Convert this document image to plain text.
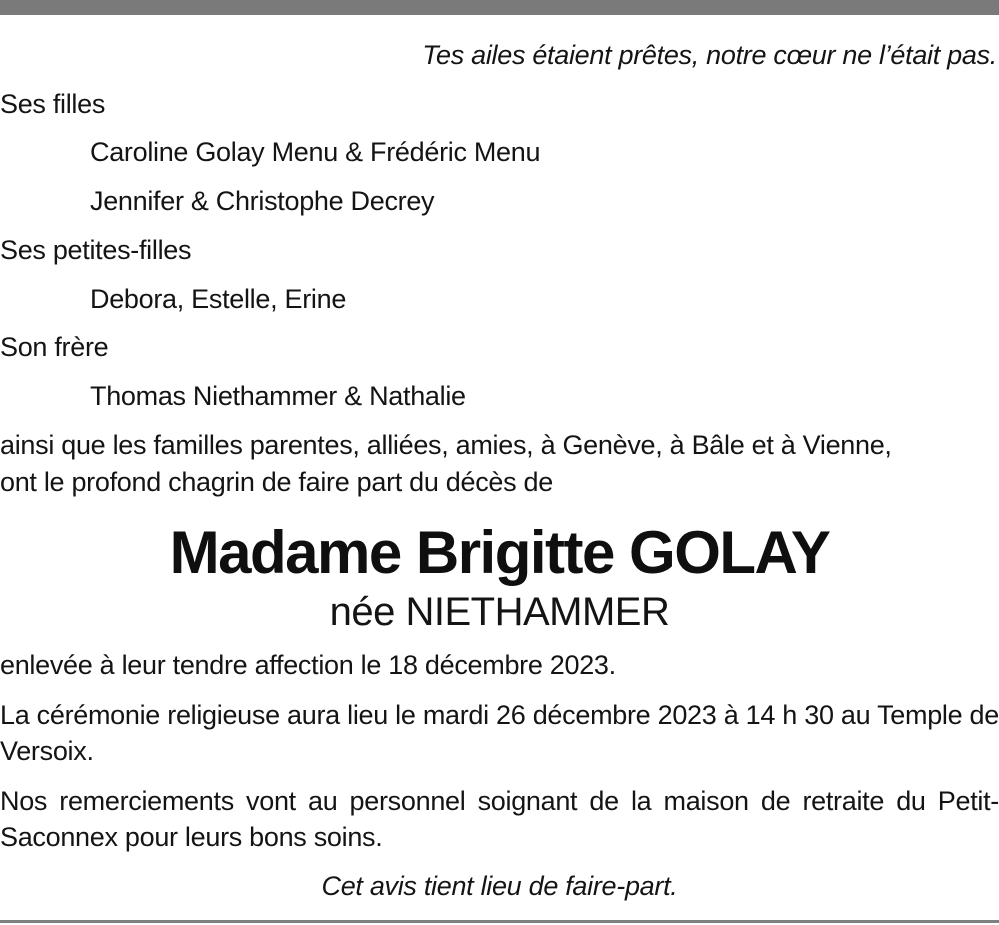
Tes ailes étaient prêtes, notre cœur ne l’était pas.
Ses filles
Caroline Golay Menu & Frédéric Menu
Jennifer & Christophe Decrey
Ses petites-filles
Debora, Estelle, Erine
Son frère
Thomas Niethammer & Nathalie
ainsi que les familles parentes, alliées, amies, à Genève, à Bâle et à Vienne,
ont le profond chagrin de faire part du décès de
Madame Brigitte GOLAY
née NIETHAMMER
enlevée à leur tendre affection le 18 décembre 2023.
La cérémonie religieuse aura lieu le mardi 26 décembre 2023 à 14 h 30 au Temple de Versoix.
Nos remerciements vont au personnel soignant de la maison de retraite du Petit-Saconnex pour leurs bons soins.
Cet avis tient lieu de faire-part.
